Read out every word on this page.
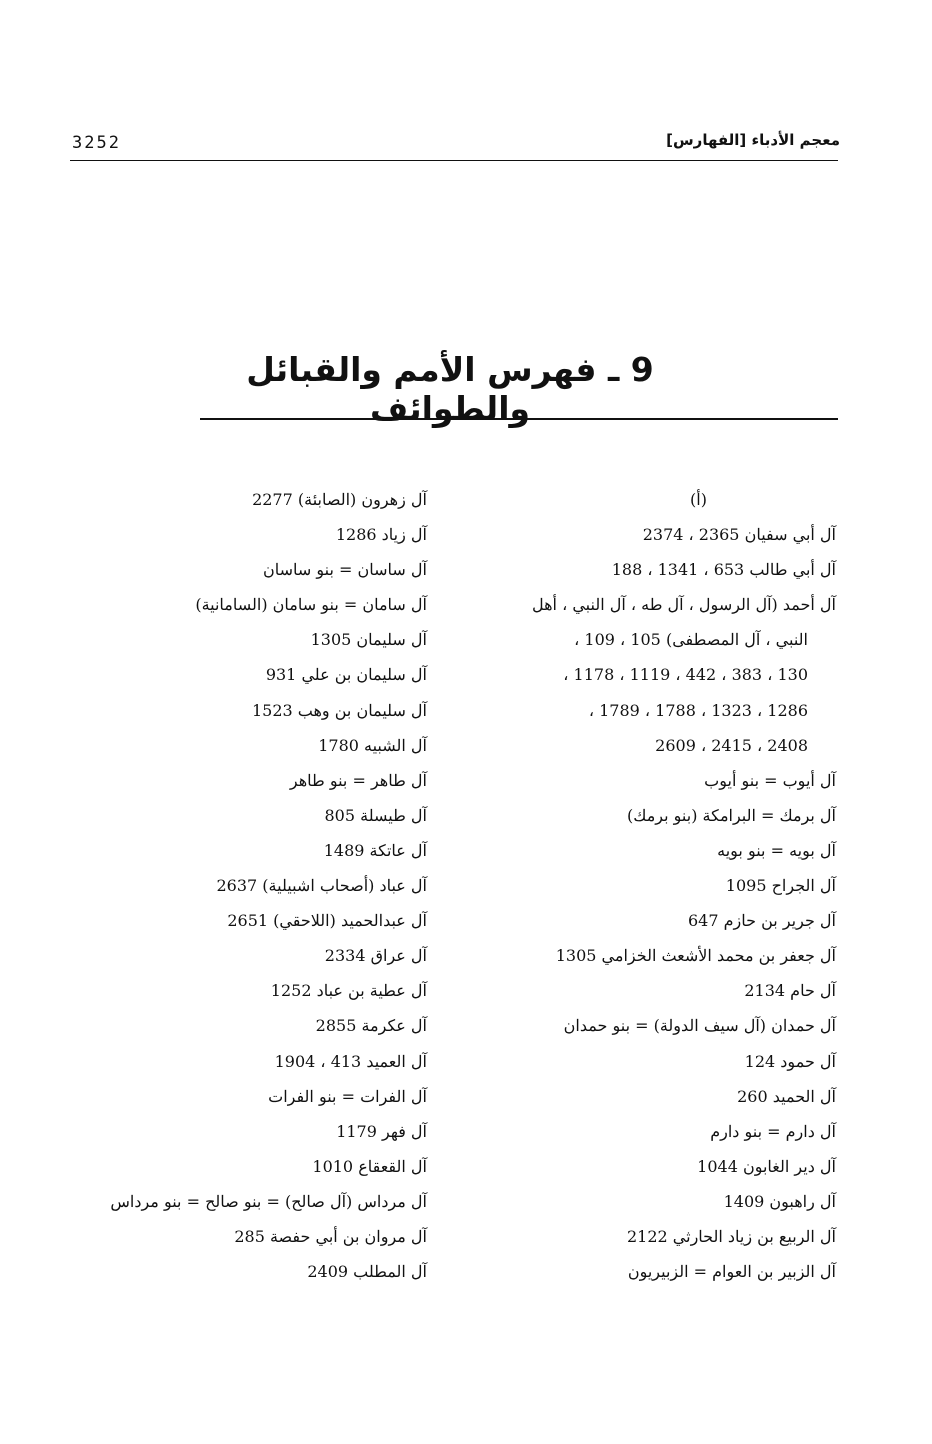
3252	معجم الأدباء [الفهارس]
9 ـ فهرس الأمم والقبائل والطوائف
(أ)
آل أبي سفيان 2365 ، 2374
آل أبي طالب 653 ، 1341 ، 188
آل أحمد (آل الرسول ، آل طه ، آل النبي ، أهل
النبي ، آل المصطفى) 105 ، 109 ،
130 ، 383 ، 442 ، 1119 ، 1178 ،
1286 ، 1323 ، 1788 ، 1789 ،
2408 ، 2415 ، 2609
آل أيوب = بنو أيوب
آل برمك = البرامكة (بنو برمك)
آل بويه = بنو بويه
آل الجراح 1095
آل جرير بن حازم 647
آل جعفر بن محمد الأشعث الخزامي 1305
آل حام 2134
آل حمدان (آل سيف الدولة) = بنو حمدان
آل حمود 124
آل الحميد 260
آل دارم = بنو دارم
آل دير الغابون 1044
آل راهبون 1409
آل الربيع بن زياد الحارثي 2122
آل الزبير بن العوام = الزبيريون
آل زهرون (الصابئة) 2277
آل زياد 1286
آل ساسان = بنو ساسان
آل سامان = بنو سامان (السامانية)
آل سليمان 1305
آل سليمان بن علي 931
آل سليمان بن وهب 1523
آل الشبيه 1780
آل طاهر = بنو طاهر
آل طيسلة 805
آل عاتكة 1489
آل عباد (أصحاب اشبيلية) 2637
آل عبدالحميد (اللاحقي) 2651
آل عراق 2334
آل عطية بن عباد 1252
آل عكرمة 2855
آل العميد 413 ، 1904
آل الفرات = بنو الفرات
آل فهر 1179
آل القعقاع 1010
آل مرداس (آل صالح) = بنو صالح = بنو مرداس
آل مروان بن أبي حفصة 285
آل المطلب 2409
